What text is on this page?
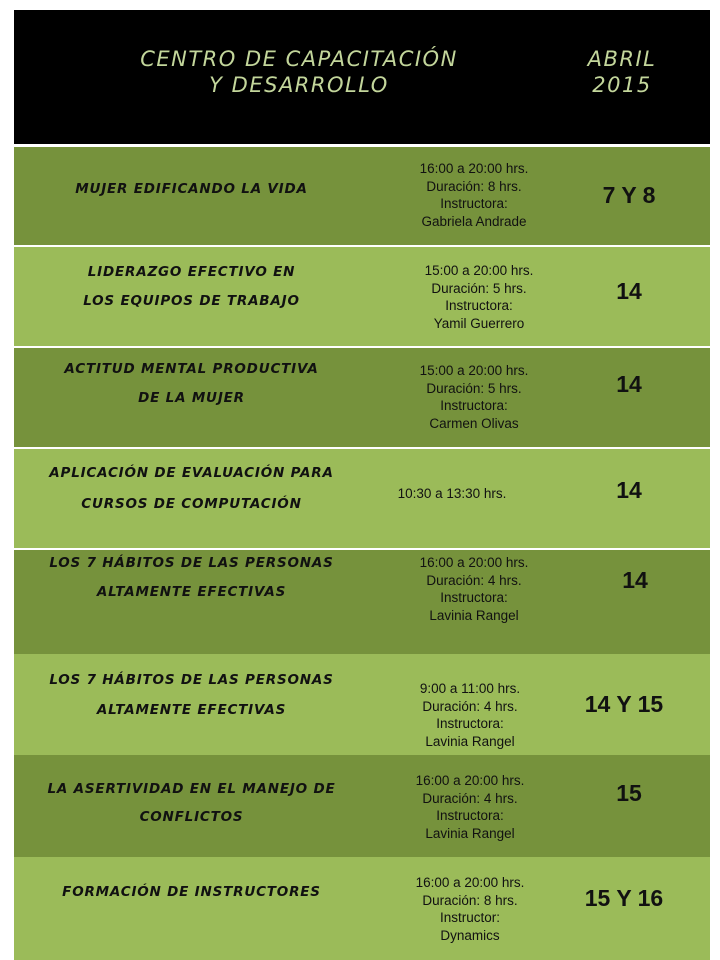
CENTRO DE CAPACITACIÓN
Y DESARROLLO
ABRIL
2015
MUJER EDIFICANDO LA VIDA
16:00 a 20:00 hrs.
Duración: 8 hrs.
Instructora:
Gabriela Andrade
7 Y 8
LIDERAZGO EFECTIVO EN
LOS EQUIPOS DE TRABAJO
15:00 a 20:00 hrs.
Duración: 5 hrs.
Instructora:
Yamil Guerrero
14
ACTITUD MENTAL PRODUCTIVA
DE LA MUJER
15:00 a 20:00 hrs.
Duración: 5 hrs.
Instructora:
Carmen Olivas
14
APLICACIÓN DE EVALUACIÓN PARA
CURSOS DE COMPUTACIÓN
10:30 a 13:30 hrs.	14
LOS 7 HÁBITOS DE LAS PERSONAS
ALTAMENTE EFECTIVAS
16:00 a 20:00 hrs.
Duración: 4 hrs.
Instructora:
Lavinia Rangel
14
LOS 7 HÁBITOS DE LAS PERSONAS
ALTAMENTE EFECTIVAS
9:00 a 11:00 hrs.
Duración: 4 hrs.
Instructora:
Lavinia Rangel
14 Y 15
LA ASERTIVIDAD EN EL MANEJO DE
CONFLICTOS
16:00 a 20:00 hrs.
Duración: 4 hrs.
Instructora:
Lavinia Rangel
15
FORMACIÓN DE INSTRUCTORES
16:00 a 20:00 hrs.
Duración: 8 hrs.
Instructor:
Dynamics
15 Y 16
